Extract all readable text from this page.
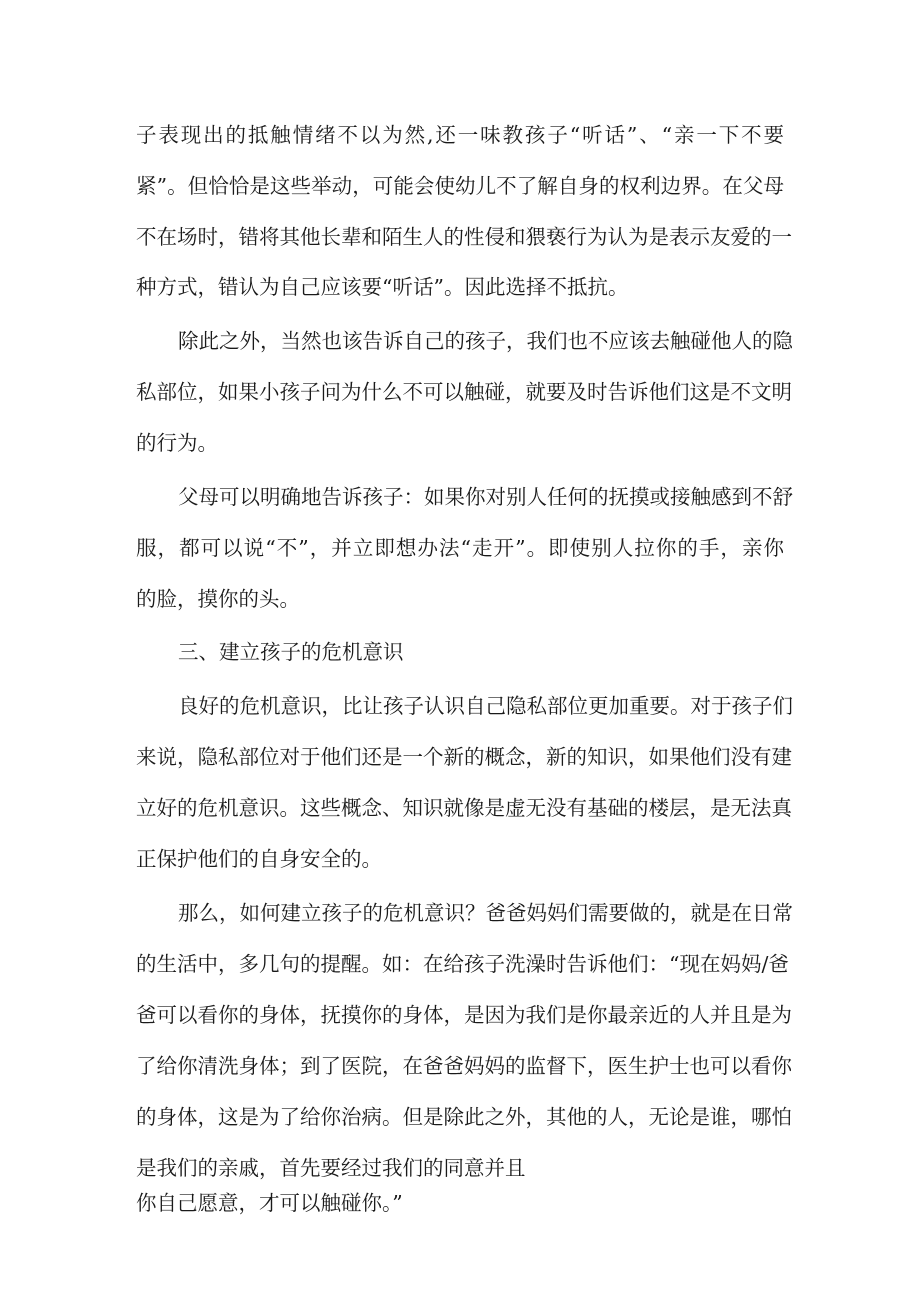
子表现出的抵触情绪不以为然,还一味教孩子“听话”、“亲一下不要
紧”。但恰恰是这些举动，可能会使幼儿不了解自身的权利边界。在父母
不在场时，错将其他长辈和陌生人的性侵和猥亵行为认为是表示友爱的一
种方式，错认为自己应该要“听话”。因此选择不抵抗。
除此之外，当然也该告诉自己的孩子，我们也不应该去触碰他人的隐
私部位，如果小孩子问为什么不可以触碰，就要及时告诉他们这是不文明
的行为。
父母可以明确地告诉孩子：如果你对别人任何的抚摸或接触感到不舒
服，都可以说“不”，并立即想办法“走开”。即使别人拉你的手，亲你
的脸，摸你的头。
三、建立孩子的危机意识
良好的危机意识，比让孩子认识自己隐私部位更加重要。对于孩子们
来说，隐私部位对于他们还是一个新的概念，新的知识，如果他们没有建
立好的危机意识。这些概念、知识就像是虚无没有基础的楼层，是无法真
正保护他们的自身安全的。
那么，如何建立孩子的危机意识？爸爸妈妈们需要做的，就是在日常
的生活中，多几句的提醒。如：在给孩子洗澡时告诉他们：“现在妈妈/爸
爸可以看你的身体，抚摸你的身体，是因为我们是你最亲近的人并且是为
了给你清洗身体；到了医院，在爸爸妈妈的监督下，医生护士也可以看你
的身体，这是为了给你治病。但是除此之外，其他的人，无论是谁，哪怕
是我们的亲戚，首先要经过我们的同意并且
你自己愿意，才可以触碰你。”
